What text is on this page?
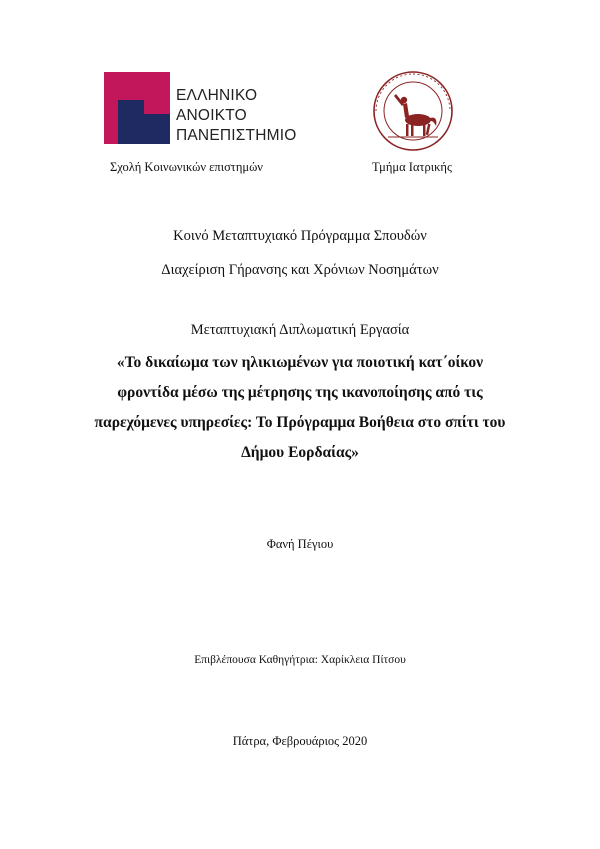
ΕΛΛΗΝΙΚΟ
ΑΝΟΙΚΤΟ
ΠΑΝΕΠΙΣΤΗΜΙΟ
Σχολή Κοινωνικών επιστημών	Τμήμα Ιατρικής
Κοινό Μεταπτυχιακό Πρόγραμμα Σπουδών
Διαχείριση Γήρανσης και Χρόνιων Νοσημάτων
Μεταπτυχιακή Διπλωματική Εργασία
«Το δικαίωμα των ηλικιωμένων για ποιοτική κατ΄οίκον
φροντίδα μέσω της μέτρησης της ικανοποίησης από τις
παρεχόμενες υπηρεσίες: Το Πρόγραμμα Βοήθεια στο σπίτι του
Δήμου Εορδαίας»
Φανή Πέγιου
Επιβλέπουσα Καθηγήτρια: Χαρίκλεια Πίτσου
Πάτρα, Φεβρουάριος 2020
